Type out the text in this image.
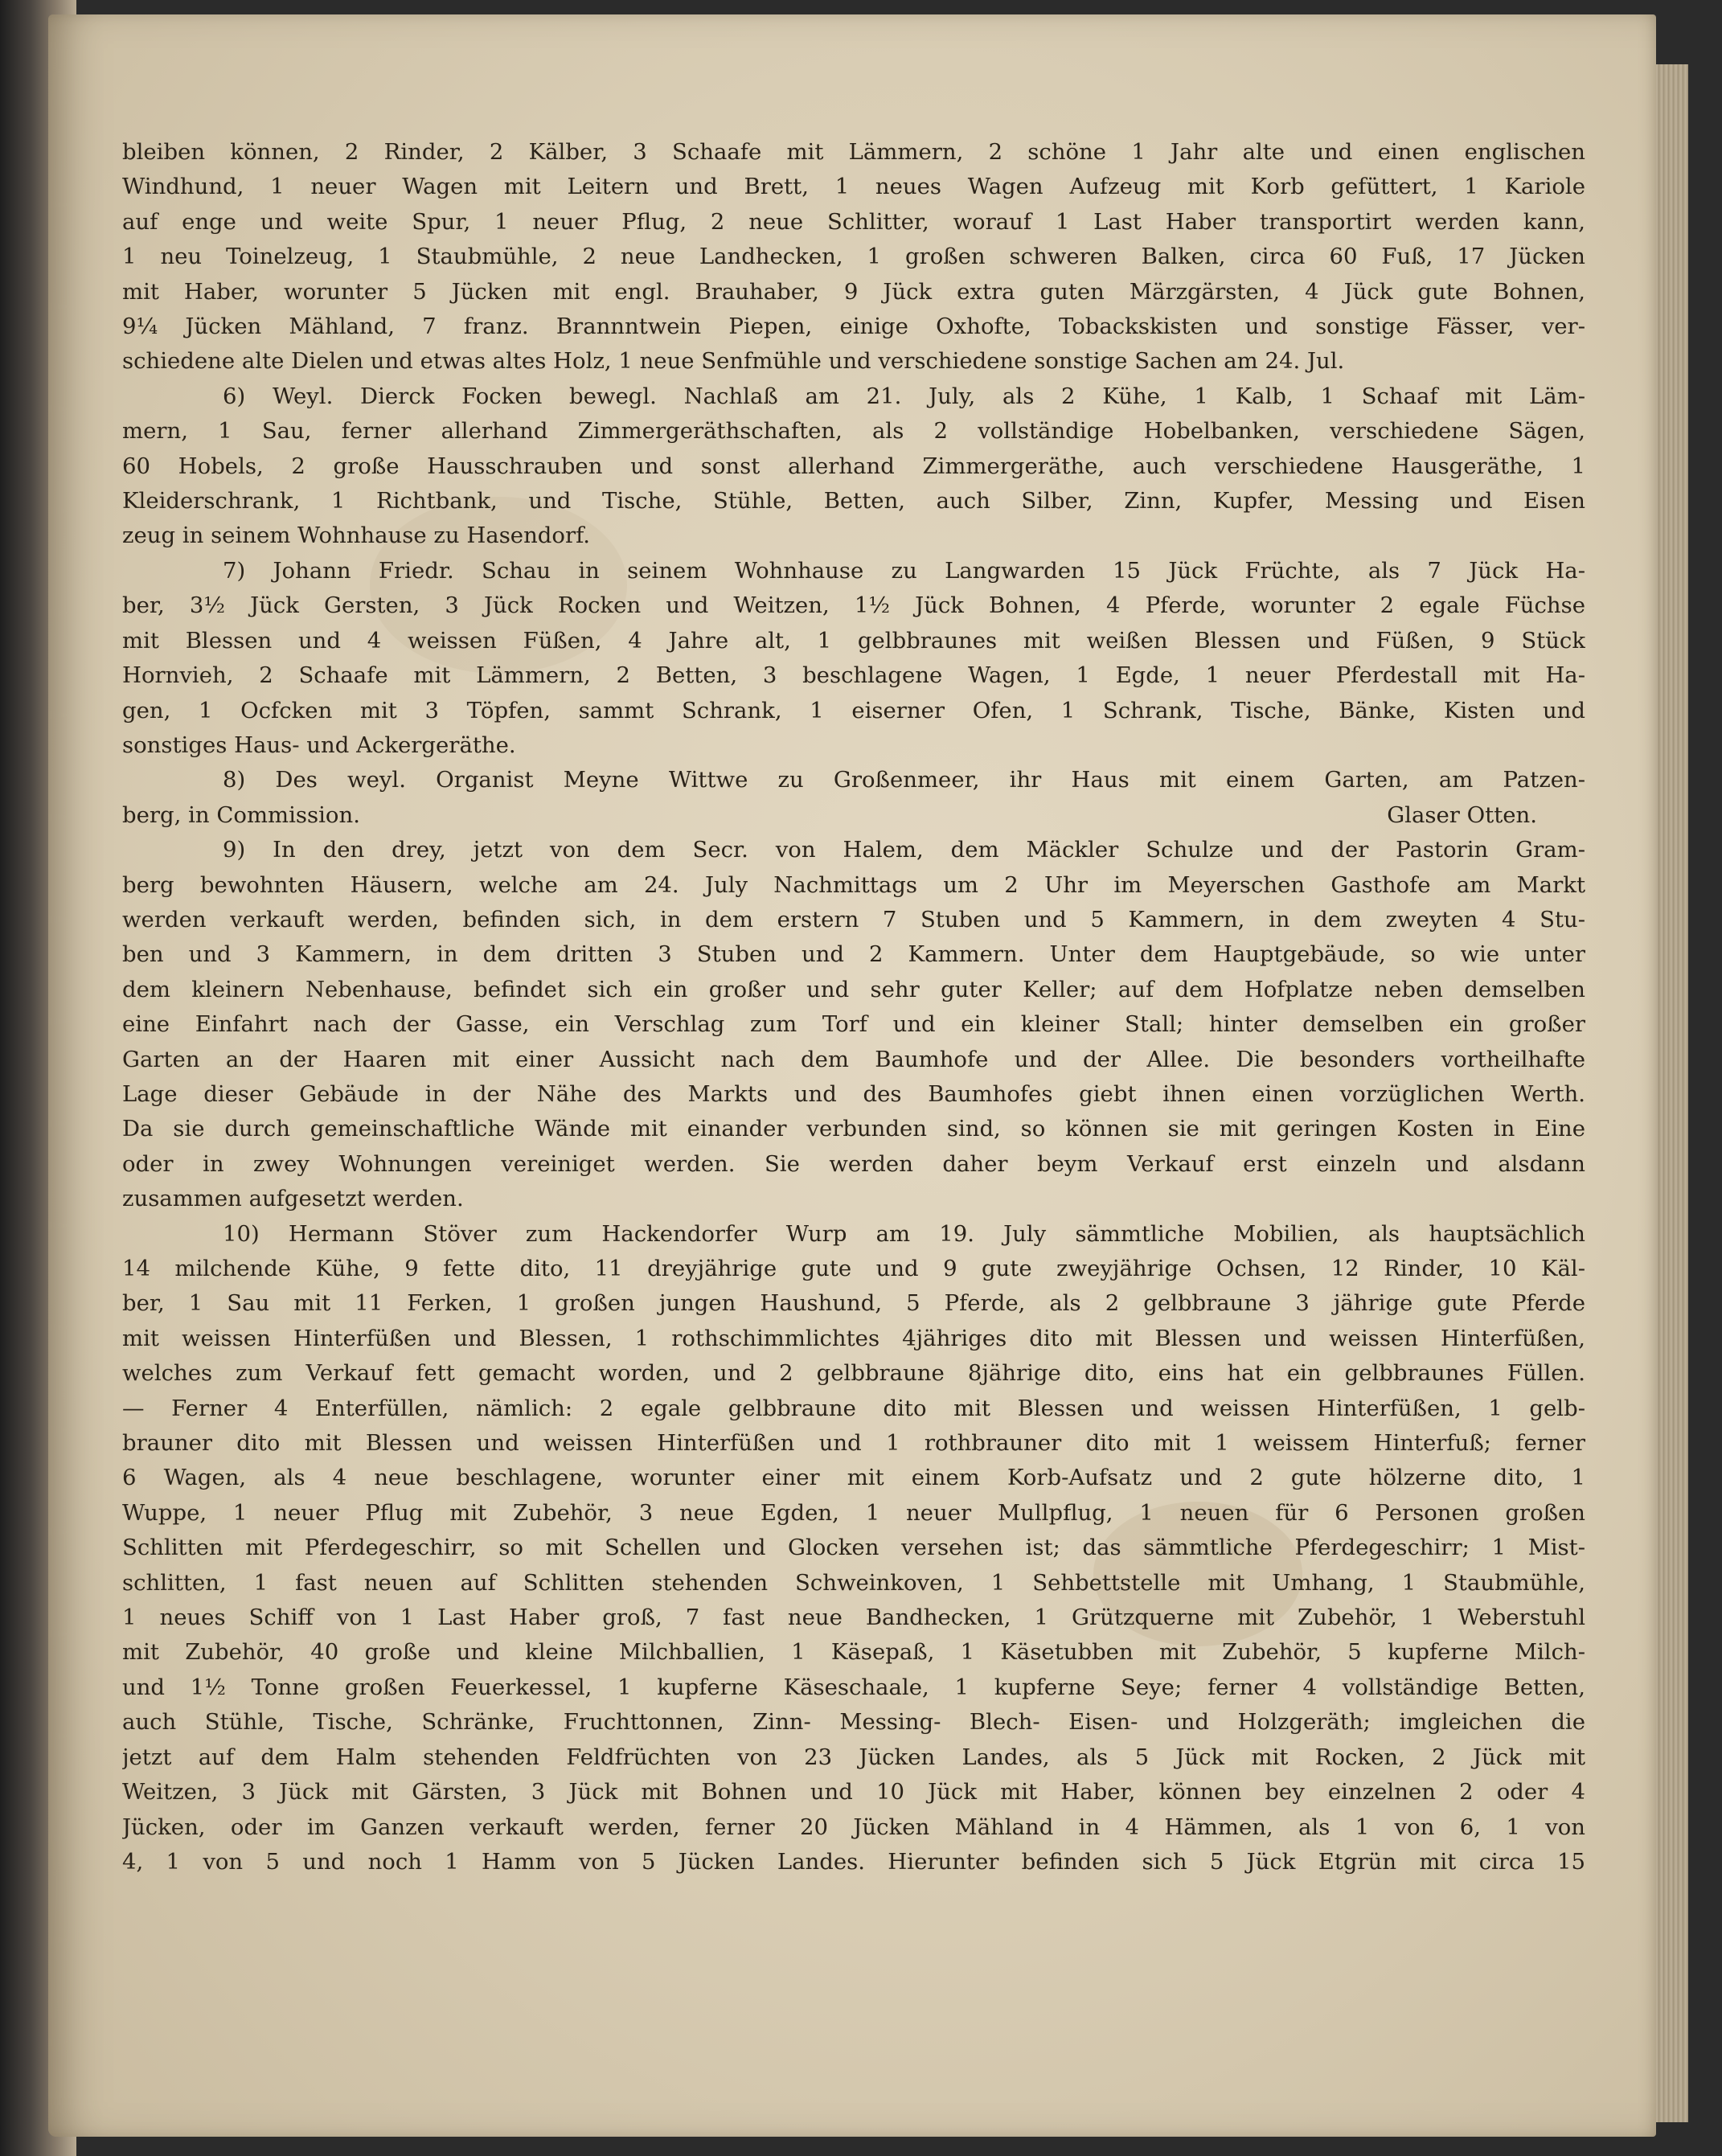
bleiben können, 2 Rinder, 2 Kälber, 3 Schaafe mit Lämmern, 2 schöne 1 Jahr alte und einen englischen
Windhund, 1 neuer Wagen mit Leitern und Brett, 1 neues Wagen Aufzeug mit Korb gefüttert, 1 Kariole
auf enge und weite Spur, 1 neuer Pflug, 2 neue Schlitter, worauf 1 Last Haber transportirt werden kann,
1 neu Toinelzeug, 1 Staubmühle, 2 neue Landhecken, 1 großen schweren Balken, circa 60 Fuß, 17 Jücken
mit Haber, worunter 5 Jücken mit engl. Brauhaber, 9 Jück extra guten Märzgärsten, 4 Jück gute Bohnen,
9¼ Jücken Mähland, 7 franz. Brannntwein Piepen, einige Oxhofte, Tobackskisten und sonstige Fässer, ver-
schiedene alte Dielen und etwas altes Holz, 1 neue Senfmühle und verschiedene sonstige Sachen am 24. Jul.
6) Weyl. Dierck Focken bewegl. Nachlaß am 21. July, als 2 Kühe, 1 Kalb, 1 Schaaf mit Läm-
mern, 1 Sau, ferner allerhand Zimmergeräthschaften, als 2 vollständige Hobelbanken, verschiedene Sägen,
60 Hobels, 2 große Hausschrauben und sonst allerhand Zimmergeräthe, auch verschiedene Hausgeräthe, 1
Kleiderschrank, 1 Richtbank, und Tische, Stühle, Betten, auch Silber, Zinn, Kupfer, Messing und Eisen
zeug in seinem Wohnhause zu Hasendorf.
7) Johann Friedr. Schau in seinem Wohnhause zu Langwarden 15 Jück Früchte, als 7 Jück Ha-
ber, 3½ Jück Gersten, 3 Jück Rocken und Weitzen, 1½ Jück Bohnen, 4 Pferde, worunter 2 egale Füchse
mit Blessen und 4 weissen Füßen, 4 Jahre alt, 1 gelbbraunes mit weißen Blessen und Füßen, 9 Stück
Hornvieh, 2 Schaafe mit Lämmern, 2 Betten, 3 beschlagene Wagen, 1 Egde, 1 neuer Pferdestall mit Ha-
gen, 1 Ocfcken mit 3 Töpfen, sammt Schrank, 1 eiserner Ofen, 1 Schrank, Tische, Bänke, Kisten und
sonstiges Haus- und Ackergeräthe.
8) Des weyl. Organist Meyne Wittwe zu Großenmeer, ihr Haus mit einem Garten, am Patzen-
berg, in Commission.	Glaser Otten.
9) In den drey, jetzt von dem Secr. von Halem, dem Mäckler Schulze und der Pastorin Gram-
berg bewohnten Häusern, welche am 24. July Nachmittags um 2 Uhr im Meyerschen Gasthofe am Markt
werden verkauft werden, befinden sich, in dem erstern 7 Stuben und 5 Kammern, in dem zweyten 4 Stu-
ben und 3 Kammern, in dem dritten 3 Stuben und 2 Kammern. Unter dem Hauptgebäude, so wie unter
dem kleinern Nebenhause, befindet sich ein großer und sehr guter Keller; auf dem Hofplatze neben demselben
eine Einfahrt nach der Gasse, ein Verschlag zum Torf und ein kleiner Stall; hinter demselben ein großer
Garten an der Haaren mit einer Aussicht nach dem Baumhofe und der Allee. Die besonders vortheilhafte
Lage dieser Gebäude in der Nähe des Markts und des Baumhofes giebt ihnen einen vorzüglichen Werth.
Da sie durch gemeinschaftliche Wände mit einander verbunden sind, so können sie mit geringen Kosten in Eine
oder in zwey Wohnungen vereiniget werden. Sie werden daher beym Verkauf erst einzeln und alsdann
zusammen aufgesetzt werden.
10) Hermann Stöver zum Hackendorfer Wurp am 19. July sämmtliche Mobilien, als hauptsächlich
14 milchende Kühe, 9 fette dito, 11 dreyjährige gute und 9 gute zweyjährige Ochsen, 12 Rinder, 10 Käl-
ber, 1 Sau mit 11 Ferken, 1 großen jungen Haushund, 5 Pferde, als 2 gelbbraune 3 jährige gute Pferde
mit weissen Hinterfüßen und Blessen, 1 rothschimmlichtes 4jähriges dito mit Blessen und weissen Hinterfüßen,
welches zum Verkauf fett gemacht worden, und 2 gelbbraune 8jährige dito, eins hat ein gelbbraunes Füllen.
— Ferner 4 Enterfüllen, nämlich: 2 egale gelbbraune dito mit Blessen und weissen Hinterfüßen, 1 gelb-
brauner dito mit Blessen und weissen Hinterfüßen und 1 rothbrauner dito mit 1 weissem Hinterfuß; ferner
6 Wagen, als 4 neue beschlagene, worunter einer mit einem Korb-Aufsatz und 2 gute hölzerne dito, 1
Wuppe, 1 neuer Pflug mit Zubehör, 3 neue Egden, 1 neuer Mullpflug, 1 neuen für 6 Personen großen
Schlitten mit Pferdegeschirr, so mit Schellen und Glocken versehen ist; das sämmtliche Pferdegeschirr; 1 Mist-
schlitten, 1 fast neuen auf Schlitten stehenden Schweinkoven, 1 Sehbettstelle mit Umhang, 1 Staubmühle,
1 neues Schiff von 1 Last Haber groß, 7 fast neue Bandhecken, 1 Grützquerne mit Zubehör, 1 Weberstuhl
mit Zubehör, 40 große und kleine Milchballien, 1 Käsepaß, 1 Käsetubben mit Zubehör, 5 kupferne Milch-
und 1½ Tonne großen Feuerkessel, 1 kupferne Käseschaale, 1 kupferne Seye; ferner 4 vollständige Betten,
auch Stühle, Tische, Schränke, Fruchttonnen, Zinn- Messing- Blech- Eisen- und Holzgeräth; imgleichen die
jetzt auf dem Halm stehenden Feldfrüchten von 23 Jücken Landes, als 5 Jück mit Rocken, 2 Jück mit
Weitzen, 3 Jück mit Gärsten, 3 Jück mit Bohnen und 10 Jück mit Haber, können bey einzelnen 2 oder 4
Jücken, oder im Ganzen verkauft werden, ferner 20 Jücken Mähland in 4 Hämmen, als 1 von 6, 1 von
4, 1 von 5 und noch 1 Hamm von 5 Jücken Landes. Hierunter befinden sich 5 Jück Etgrün mit circa 15
